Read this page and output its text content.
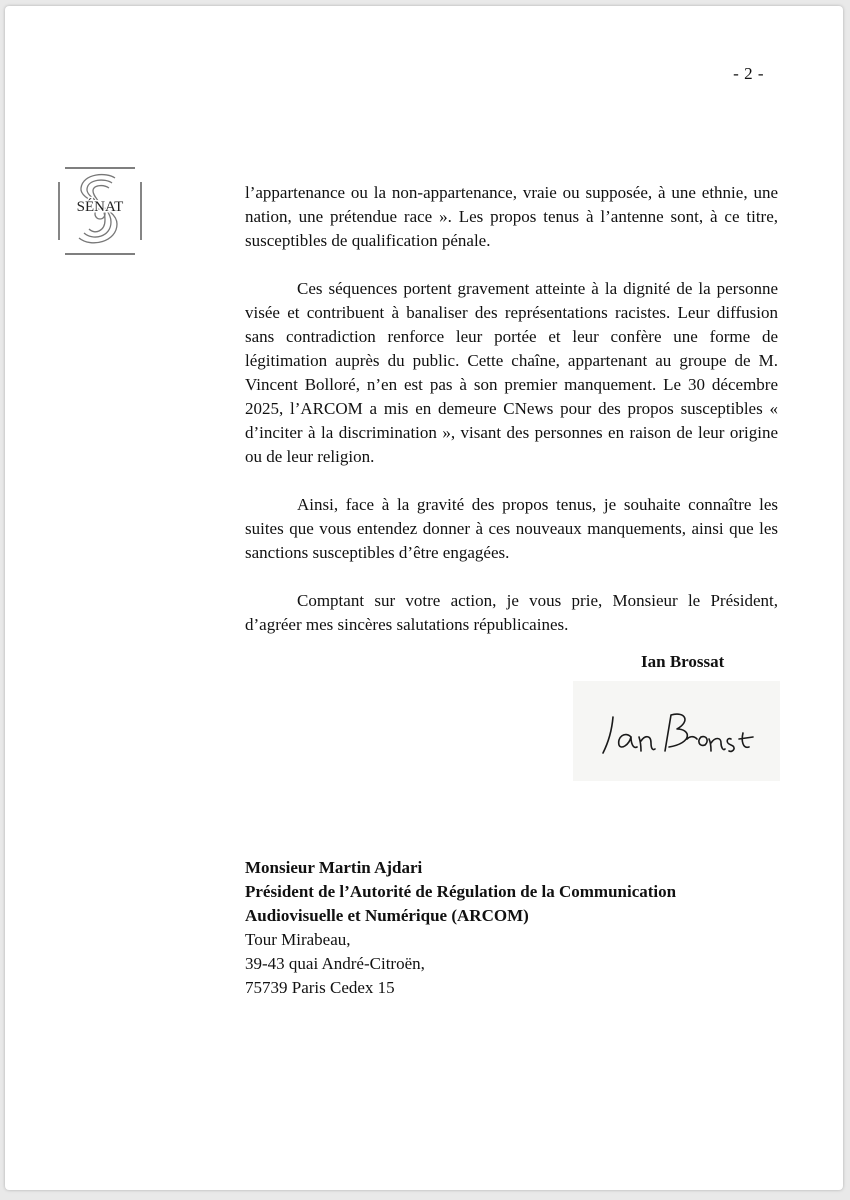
- 2 -
SÉNAT

l’appartenance ou la non-appartenance, vraie ou supposée, à une ethnie, une nation, une prétendue race ». Les propos tenus à l’antenne sont, à ce titre, susceptibles de qualification pénale.

Ces séquences portent gravement atteinte à la dignité de la personne visée et contribuent à banaliser des représentations racistes. Leur diffusion sans contradiction renforce leur portée et leur confère une forme de légitimation auprès du public. Cette chaîne, appartenant au groupe de M. Vincent Bolloré, n’en est pas à son premier manquement. Le 30 décembre 2025, l’ARCOM a mis en demeure CNews pour des propos susceptibles « d’inciter à la discrimination », visant des personnes en raison de leur origine ou de leur religion.

Ainsi, face à la gravité des propos tenus, je souhaite connaître les suites que vous entendez donner à ces nouveaux manquements, ainsi que les sanctions susceptibles d’être engagées.

Comptant sur votre action, je vous prie, Monsieur le Président, d’agréer mes sincères salutations républicaines.

Ian Brossat
Monsieur Martin Ajdari
Président de l’Autorité de Régulation de la Communication
Audiovisuelle et Numérique (ARCOM)
Tour Mirabeau,
39-43 quai André-Citroën,
75739 Paris Cedex 15
